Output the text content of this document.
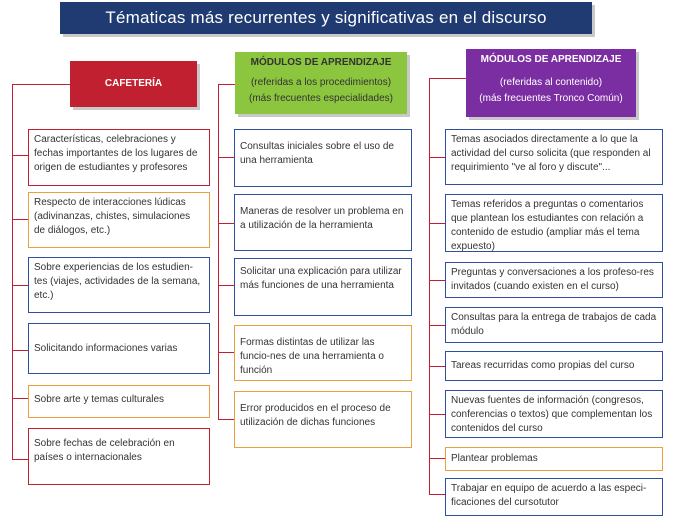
Tématicas más recurrentes y significativas en el discurso
CAFETERÍA
MÓDULOS DE APRENDIZAJE
(referidas a los procedimientos)
(más frecuentes especialidades)
MÓDULOS DE APRENDIZAJE
(referidas al contenido)
(más frecuentes Tronco Común)
Características, celebraciones y fechas importantes de los lugares de origen de estudiantes y profesores
Respecto de interacciones lúdicas (adivinanzas, chistes, simulaciones de diálogos, etc.)
Sobre experiencias de los estudien-tes (viajes, actividades de la semana, etc.)
Solicitando informaciones varias
Sobre arte y temas culturales
Sobre fechas de celebración en países o internacionales
Consultas iniciales sobre el uso de una herramienta
Maneras de resolver un problema en a utilización de la herramienta
Solicitar una explicación para utilizar más funciones de una herramienta
Formas distintas de utilizar las funcio-nes de una herramienta o función
Error producidos en el proceso de utilización de dichas funciones
Temas asociados directamente a lo que la actividad del curso solicita (que responden al requirimiento "ve al foro y discute"...
Temas referidos a preguntas o comentarios que plantean los estudiantes con relación a contenido de estudio (ampliar más el tema expuesto)
Preguntas y conversaciones a los profeso-res invitados (cuando existen en el curso)
Consultas para la entrega de trabajos de cada módulo
Tareas recurridas como propias del curso
Nuevas fuentes de información (congresos, conferencias o textos) que complementan los contenidos del curso
Plantear problemas
Trabajar en equipo de acuerdo a las especi-ficaciones del cursotutor
